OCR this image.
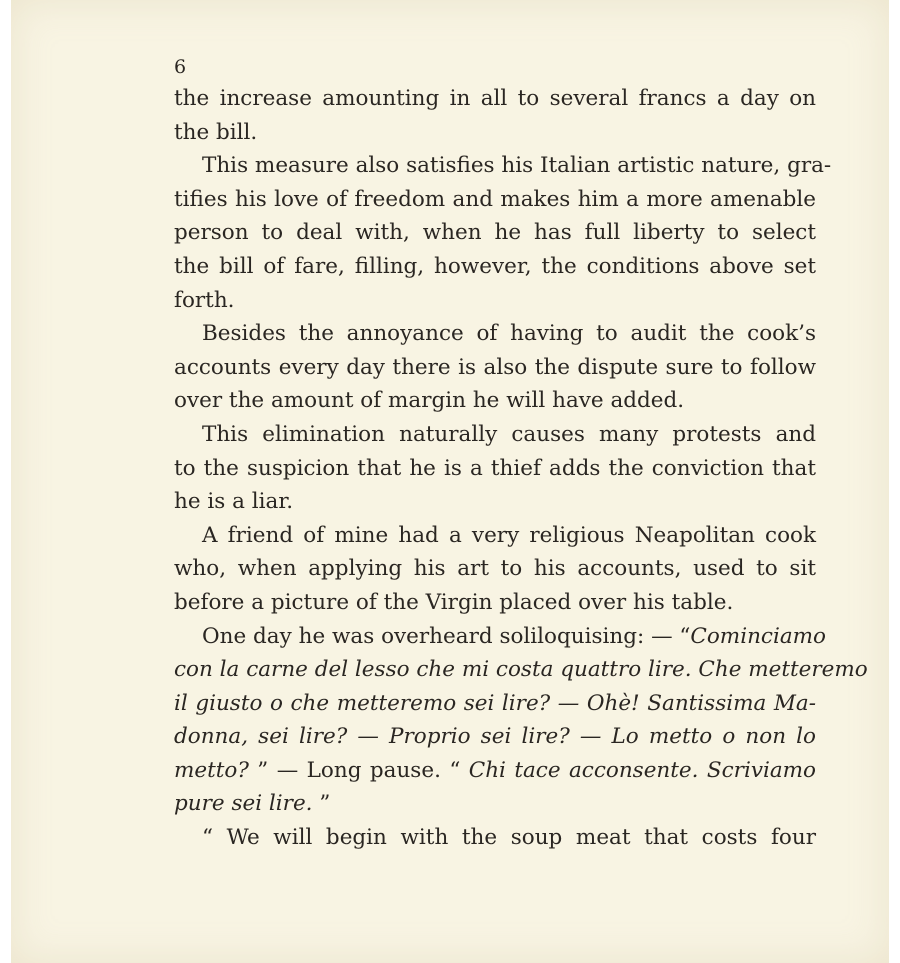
6
the increase amounting in all to several francs a day on
the bill.
This measure also satisfies his Italian artistic nature, gra-
tifies his love of freedom and makes him a more amenable
person to deal with, when he has full liberty to select
the bill of fare, filling, however, the conditions above set
forth.
Besides the annoyance of having to audit the cook’s
accounts every day there is also the dispute sure to follow
over the amount of margin he will have added.
This elimination naturally causes many protests and
to the suspicion that he is a thief adds the conviction that
he is a liar.
A friend of mine had a very religious Neapolitan cook
who, when applying his art to his accounts, used to sit
before a picture of the Virgin placed over his table.
One day he was overheard soliloquising: — “Cominciamo
con la carne del lesso che mi costa quattro lire. Che metteremo
il giusto o che metteremo sei lire? — Ohè! Santissima Ma-
donna, sei lire? — Proprio sei lire? — Lo metto o non lo
metto? ” — Long pause. “ Chi tace acconsente. Scriviamo
pure sei lire. ”
“ We will begin with the soup meat that costs four
